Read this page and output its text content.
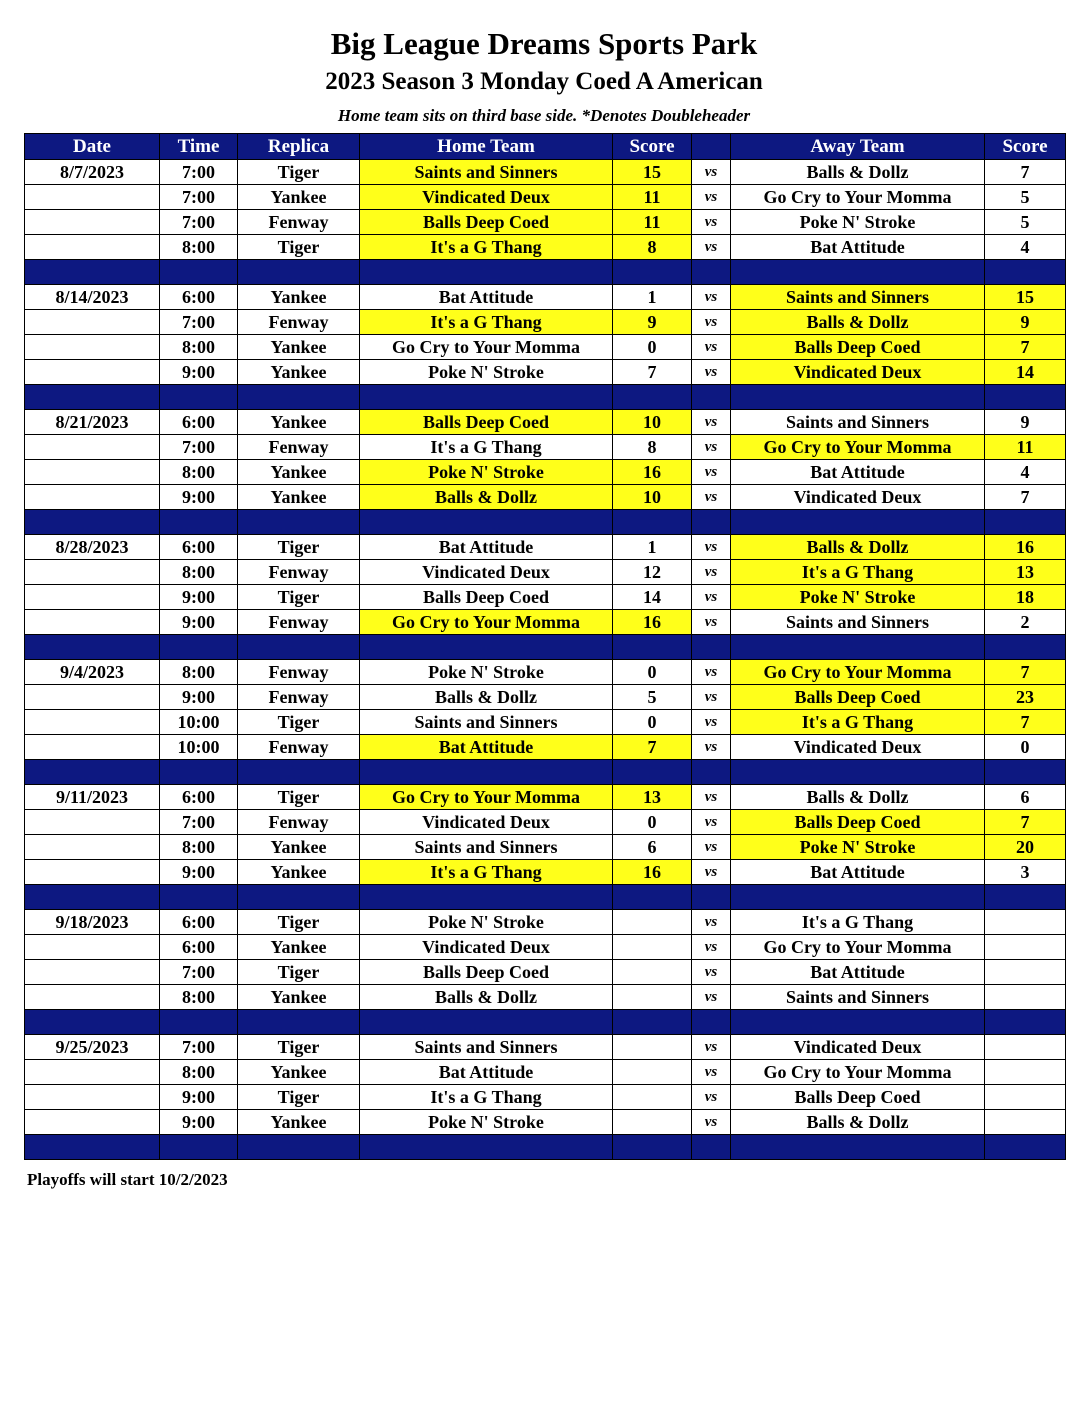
Big League Dreams Sports Park
2023 Season 3 Monday Coed A American
Home team sits on third base side. *Denotes Doubleheader
Date	Time	Replica	Home Team	Score		Away Team	Score
8/7/2023	7:00	Tiger	Saints and Sinners	15	vs	Balls & Dollz	7
	7:00	Yankee	Vindicated Deux	11	vs	Go Cry to Your Momma	5
	7:00	Fenway	Balls Deep Coed	11	vs	Poke N' Stroke	5
	8:00	Tiger	It's a G Thang	8	vs	Bat Attitude	4

8/14/2023	6:00	Yankee	Bat Attitude	1	vs	Saints and Sinners	15
	7:00	Fenway	It's a G Thang	9	vs	Balls & Dollz	9
	8:00	Yankee	Go Cry to Your Momma	0	vs	Balls Deep Coed	7
	9:00	Yankee	Poke N' Stroke	7	vs	Vindicated Deux	14

8/21/2023	6:00	Yankee	Balls Deep Coed	10	vs	Saints and Sinners	9
	7:00	Fenway	It's a G Thang	8	vs	Go Cry to Your Momma	11
	8:00	Yankee	Poke N' Stroke	16	vs	Bat Attitude	4
	9:00	Yankee	Balls & Dollz	10	vs	Vindicated Deux	7

8/28/2023	6:00	Tiger	Bat Attitude	1	vs	Balls & Dollz	16
	8:00	Fenway	Vindicated Deux	12	vs	It's a G Thang	13
	9:00	Tiger	Balls Deep Coed	14	vs	Poke N' Stroke	18
	9:00	Fenway	Go Cry to Your Momma	16	vs	Saints and Sinners	2

9/4/2023	8:00	Fenway	Poke N' Stroke	0	vs	Go Cry to Your Momma	7
	9:00	Fenway	Balls & Dollz	5	vs	Balls Deep Coed	23
	10:00	Tiger	Saints and Sinners	0	vs	It's a G Thang	7
	10:00	Fenway	Bat Attitude	7	vs	Vindicated Deux	0

9/11/2023	6:00	Tiger	Go Cry to Your Momma	13	vs	Balls & Dollz	6
	7:00	Fenway	Vindicated Deux	0	vs	Balls Deep Coed	7
	8:00	Yankee	Saints and Sinners	6	vs	Poke N' Stroke	20
	9:00	Yankee	It's a G Thang	16	vs	Bat Attitude	3

9/18/2023	6:00	Tiger	Poke N' Stroke		vs	It's a G Thang	
	6:00	Yankee	Vindicated Deux		vs	Go Cry to Your Momma	
	7:00	Tiger	Balls Deep Coed		vs	Bat Attitude	
	8:00	Yankee	Balls & Dollz		vs	Saints and Sinners	

9/25/2023	7:00	Tiger	Saints and Sinners		vs	Vindicated Deux	
	8:00	Yankee	Bat Attitude		vs	Go Cry to Your Momma	
	9:00	Tiger	It's a G Thang		vs	Balls Deep Coed	
	9:00	Yankee	Poke N' Stroke		vs	Balls & Dollz	

Playoffs will start 10/2/2023
